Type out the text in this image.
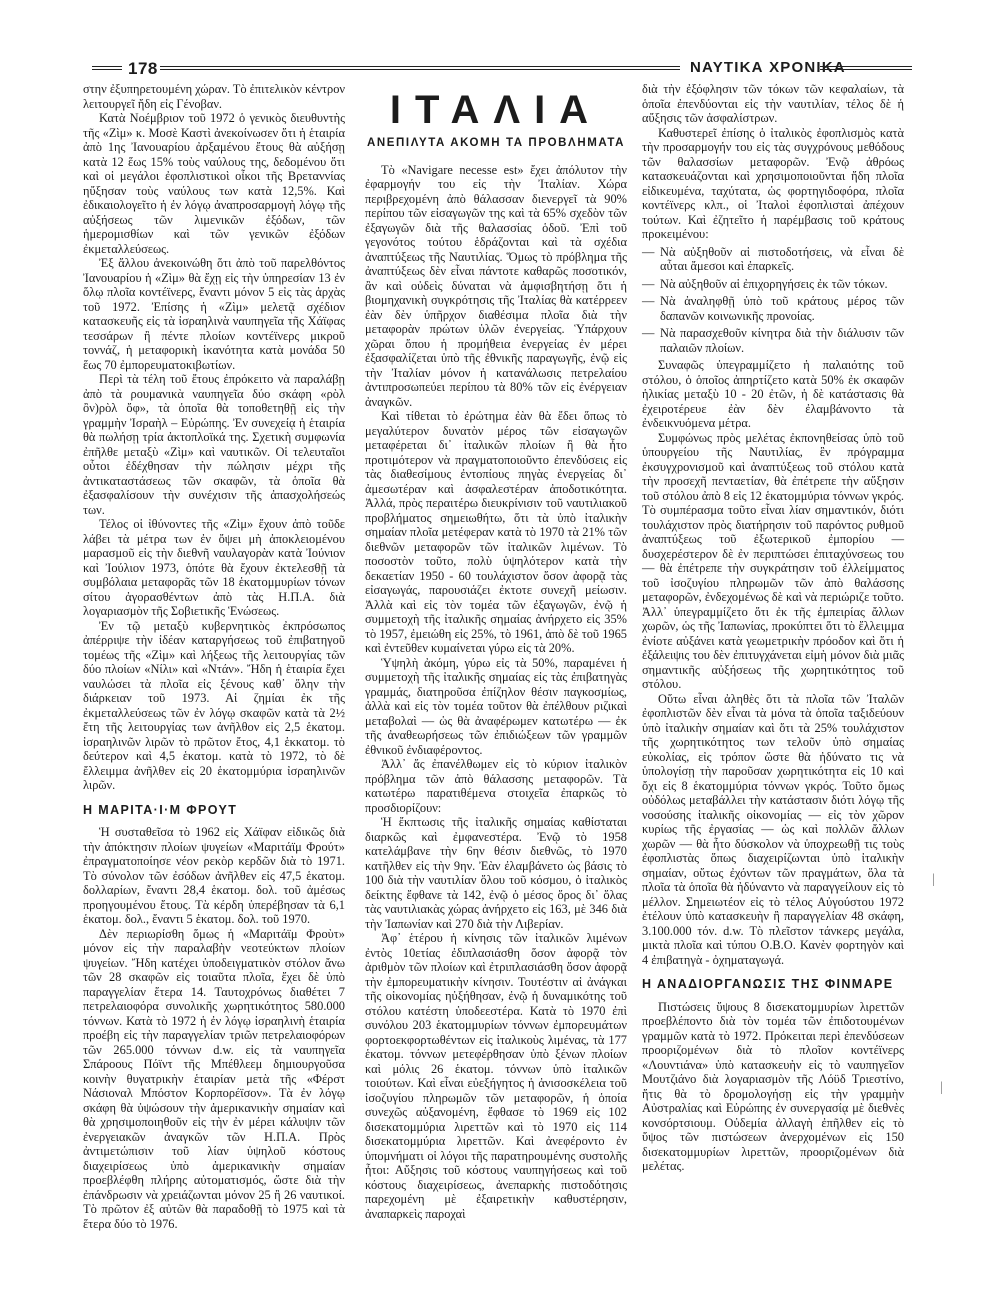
178	ΝΑΥΤΙΚΑ ΧΡΟΝΙΚΑ

στην ἐξυπηρετουμένη χώραν. Τὸ ἐπιτελικὸν κέντρον λειτουργεῖ ἤδη εἰς Γένοβαν.

Κατὰ Νοέμβριον τοῦ 1972 ὁ γενικὸς διευθυντὴς τῆς «Ζὶμ» κ. Μοσὲ Καστὶ ἀνεκοίνωσεν ὅτι ἡ ἑταιρία ἀπὸ 1ης Ἰανουαρίου ἀρξαμένου ἔτους θὰ αὐξήσῃ κατὰ 12 ἕως 15% τοὺς ναύλους της, δεδομένου ὅτι καὶ οἱ μεγάλοι ἐφοπλιστικοὶ οἶκοι τῆς Βρεταννίας ηὔξησαν τοὺς ναύλους των κατὰ 12,5%. Καὶ ἐδικαιολογεῖτο ἡ ἐν λόγῳ ἀναπροσαρμογὴ λόγῳ τῆς αὐξήσεως τῶν λιμενικῶν ἐξόδων, τῶν ἡμερομισθίων καὶ τῶν γενικῶν ἐξόδων ἐκμεταλλεύσεως.

Ἐξ ἄλλου ἀνεκοινώθη ὅτι ἀπὸ τοῦ παρελθόντος Ἰανουαρίου ἡ «Ζὶμ» θὰ ἔχῃ εἰς τὴν ὑπηρεσίαν 13 ἐν ὅλῳ πλοῖα κοντέϊνερς, ἔναντι μόνον 5 εἰς τὰς ἀρχὰς τοῦ 1972. Ἐπίσης ἡ «Ζὶμ» μελετᾷ σχέδιον κατασκευῆς εἰς τὰ ἰσραηλινὰ ναυπηγεῖα τῆς Χάϊφας τεσσάρων ἢ πέντε πλοίων κοντέϊνερς μικροῦ τοννάζ, ἡ μεταφορικὴ ἱκανότητα κατὰ μονάδα 50 ἕως 70 ἐμπορευματοκιβωτίων.

Περὶ τὰ τέλη τοῦ ἔτους ἐπρόκειτο νὰ παραλάβῃ ἀπὸ τὰ ρουμανικὰ ναυπηγεῖα δύο σκάφη «ρὸλ ὂν)ρὸλ ὄφ», τὰ ὁποῖα θὰ τοποθετηθῇ εἰς τὴν γραμμὴν Ἰσραὴλ – Εὐρώπης. Ἐν συνεχείᾳ ἡ ἑταιρία θὰ πωλήσῃ τρία ἀκτοπλοϊκά της. Σχετικὴ συμφωνία ἐπῆλθε μεταξὺ «Ζὶμ» καὶ ναυτικῶν. Οἱ τελευταῖοι οὗτοι ἐδέχθησαν τὴν πώλησιν μέχρι τῆς ἀντικαταστάσεως τῶν σκαφῶν, τὰ ὁποῖα θὰ ἐξασφαλίσουν τὴν συνέχισιν τῆς ἀπασχολήσεώς των.

Τέλος οἱ ἰθύνοντες τῆς «Ζὶμ» ἔχουν ἀπὸ τοῦδε λάβει τὰ μέτρα των ἐν ὄψει μὴ ἀποκλειομένου μαρασμοῦ εἰς τὴν διεθνῆ ναυλαγορὰν κατὰ Ἰούνιον καὶ Ἰούλιον 1973, ὁπότε θὰ ἔχουν ἐκτελεσθῇ τὰ συμβόλαια μεταφορᾶς τῶν 18 ἑκατομμυρίων τόνων σίτου ἀγορασθέντων ἀπὸ τὰς Η.Π.Α. διὰ λογαριασμὸν τῆς Σοβιετικῆς Ἑνώσεως.

Ἐν τῷ μεταξὺ κυβερνητικὸς ἐκπρόσωπος ἀπέρριψε τὴν ἰδέαν καταργήσεως τοῦ ἐπιβατηγοῦ τομέως τῆς «Ζὶμ» καὶ λήξεως τῆς λειτουργίας τῶν δύο πλοίων «Νίλι» καὶ «Ντάν». Ἤδη ἡ ἑταιρία ἔχει ναυλώσει τὰ πλοῖα εἰς ξένους καθ᾽ ὅλην τὴν διάρκειαν τοῦ 1973. Αἱ ζημίαι ἐκ τῆς ἐκμεταλλεύσεως τῶν ἐν λόγῳ σκαφῶν κατὰ τὰ 2½ ἔτη τῆς λειτουργίας των ἀνῆλθον εἰς 2,5 ἑκατομ. ἰσραηλινῶν λιρῶν τὸ πρῶτον ἔτος, 4,1 ἑκκατομ. τὸ δεύτερον καὶ 4,5 ἑκατομ. κατὰ τὸ 1972, τὸ δὲ ἔλλειμμα ἀνῆλθεν εἰς 20 ἑκατομμύρια ἰσραηλινῶν λιρῶν.

Η ΜΑΡΙΤΑ·Ι·Μ ΦΡΟΥΤ

Ἡ συσταθεῖσα τὸ 1962 εἰς Χάϊφαν εἰδικῶς διὰ τὴν ἀπόκτησιν πλοίων ψυγείων «Μαριτάϊμ Φρούτ» ἐπραγματοποίησε νέον ρεκὸρ κερδῶν διὰ τὸ 1971. Τὸ σύνολον τῶν ἐσόδων ἀνῆλθεν εἰς 47,5 ἑκατομ. δολλαρίων, ἔναντι 28,4 ἑκατομ. δολ. τοῦ ἀμέσως προηγουμένου ἔτους. Τὰ κέρδη ὑπερέβησαν τὰ 6,1 ἑκατομ. δολ., ἔναντι 5 ἑκατομ. δολ. τοῦ 1970.

Δὲν περιωρίσθη ὅμως ἡ «Μαριτάϊμ Φροὺτ» μόνον εἰς τὴν παραλαβὴν νεοτεύκτων πλοίων ψυγείων. Ἤδη κατέχει ὑποδειγματικὸν στόλον ἄνω τῶν 28 σκαφῶν εἰς τοιαῦτα πλοῖα, ἔχει δὲ ὑπὸ παραγγελίαν ἕτερα 14. Ταυτοχρόνως διαθέτει 7 πετρελαιοφόρα συνολικῆς χωρητικότητος 580.000 τόννων. Κατὰ τὸ 1972 ἡ ἐν λόγῳ ἰσραηλινὴ ἑταιρία προέβη εἰς τὴν παραγγελίαν τριῶν πετρελαιοφόρων τῶν 265.000 τόννων d.w. εἰς τὰ ναυπηγεῖα Σπάροους Πόϊντ τῆς Μπέθλεεμ δημιουργοῦσα κοινὴν θυγατρικὴν ἑταιρίαν μετὰ τῆς «Φέρστ Νάσιοναλ Μπόστον Κορπορέϊσον». Τὰ ἐν λόγῳ σκάφη θὰ ὑψώσουν τὴν ἀμερικανικὴν σημαίαν καὶ θὰ χρησιμοποιηθοῦν εἰς τὴν ἐν μέρει κάλυψιν τῶν ἐνεργειακῶν ἀναγκῶν τῶν Η.Π.Α. Πρὸς ἀντιμετώπισιν τοῦ λίαν ὑψηλοῦ κόστους διαχειρίσεως ὑπὸ ἀμερικανικὴν σημαίαν προεβλέφθη πλήρης αὐτοματισμός, ὥστε διὰ τὴν ἐπάνδρωσιν νὰ χρειάζωνται μόνον 25 ἢ 26 ναυτικοί. Τὸ πρῶτον ἐξ αὐτῶν θὰ παραδοθῇ τὸ 1975 καὶ τὰ ἕτερα δύο τὸ 1976.

ΙΤΑΛΙΑ
ΑΝΕΠΙΛΥΤΑ ΑΚΟΜΗ ΤΑ ΠΡΟΒΛΗΜΑΤΑ

Τὸ «Navigare necesse est» ἔχει ἀπόλυτον τὴν ἐφαρμογήν του εἰς τὴν Ἰταλίαν. Χώρα περιβρεχομένη ἀπὸ θάλασσαν διενεργεῖ τὰ 90% περίπου τῶν εἰσαγωγῶν της καὶ τὰ 65% σχεδὸν τῶν ἐξαγωγῶν διὰ τῆς θαλασσίας ὁδοῦ. Ἐπὶ τοῦ γεγονότος τούτου ἑδράζονται καὶ τὰ σχέδια ἀναπτύξεως τῆς Ναυτιλίας. Ὅμως τὸ πρόβλημα τῆς ἀναπτύξεως δὲν εἶναι πάντοτε καθαρῶς ποσοτικόν, ἂν καὶ οὐδεὶς δύναται νὰ ἀμφισβητήσῃ ὅτι ἡ βιομηχανικὴ συγκρότησις τῆς Ἰταλίας θὰ κατέρρεεν ἐὰν δὲν ὑπῆρχον διαθέσιμα πλοῖα διὰ τὴν μεταφορὰν πρώτων ὑλῶν ἐνεργείας. Ὑπάρχουν χῶραι ὅπου ἡ προμήθεια ἐνεργείας ἐν μέρει ἐξασφαλίζεται ὑπὸ τῆς ἐθνικῆς παραγωγῆς, ἐνῷ εἰς τὴν Ἰταλίαν μόνον ἡ κατανάλωσις πετρελαίου ἀντιπροσωπεύει περίπου τὰ 80% τῶν εἰς ἐνέργειαν ἀναγκῶν.

Καὶ τίθεται τὸ ἐρώτημα ἐὰν θὰ ἔδει ὅπως τὸ μεγαλύτερον δυνατὸν μέρος τῶν εἰσαγωγῶν μεταφέρεται δι᾽ ἰταλικῶν πλοίων ἢ θὰ ἦτο προτιμότερον νὰ πραγματοποιοῦντο ἐπενδύσεις εἰς τὰς διαθεσίμους ἐντοπίους πηγὰς ἐνεργείας δι᾽ ἀμεσωτέραν καὶ ἀσφαλεστέραν ἀποδοτικότητα. Ἀλλά, πρὸς περαιτέρω διευκρίνισιν τοῦ ναυτιλιακοῦ προβλήματος σημειωθήτω, ὅτι τὰ ὑπὸ ἰταλικὴν σημαίαν πλοῖα μετέφεραν κατὰ τὸ 1970 τὰ 21% τῶν διεθνῶν μεταφορῶν τῶν ἰταλικῶν λιμένων. Τὸ ποσοστὸν τοῦτο, πολὺ ὑψηλότερον κατὰ τὴν δεκαετίαν 1950 - 60 τουλάχιστον ὅσον ἀφορᾷ τὰς εἰσαγωγάς, παρουσιάζει ἐκτοτε συνεχῆ μείωσιν. Ἀλλὰ καὶ εἰς τὸν τομέα τῶν ἐξαγωγῶν, ἐνῷ ἡ συμμετοχὴ τῆς ἰταλικῆς σημαίας ἀνήρχετο εἰς 35% τὸ 1957, ἐμειώθη εἰς 25%, τὸ 1961, ἀπὸ δὲ τοῦ 1965 καὶ ἐντεῦθεν κυμαίνεται γύρω εἰς τὰ 20%.

Ὑψηλὴ ἀκόμη, γύρω εἰς τὰ 50%, παραμένει ἡ συμμετοχὴ τῆς ἰταλικῆς σημαίας εἰς τὰς ἐπιβατηγὰς γραμμάς, διατηροῦσα ἐπίζηλον θέσιν παγκοσμίως, ἀλλὰ καὶ εἰς τὸν τομέα τοῦτον θὰ ἐπέλθουν ριζικαὶ μεταβολαὶ — ὡς θὰ ἀναφέρωμεν κατωτέρω — ἐκ τῆς ἀναθεωρήσεως τῶν ἐπιδιώξεων τῶν γραμμῶν ἐθνικοῦ ἐνδιαφέροντος.

Ἀλλ᾽ ἄς ἐπανέλθωμεν εἰς τὸ κύριον ἰταλικὸν πρόβλημα τῶν ἀπὸ θάλασσης μεταφορῶν. Τὰ κατωτέρω παρατιθέμενα στοιχεῖα ἐπαρκῶς τὸ προσδιορίζουν:

Ἡ ἔκπτωσις τῆς ἰταλικῆς σημαίας καθίσταται διαρκῶς καὶ ἐμφανεστέρα. Ἐνῷ τὸ 1958 κατελάμβανε τὴν 6ην θέσιν διεθνῶς, τὸ 1970 κατῆλθεν εἰς τὴν 9ην. Ἐὰν ἐλαμβάνετο ὡς βάσις τὸ 100 διὰ τὴν ναυτιλίαν ὅλου τοῦ κόσμου, ὁ ἰταλικὸς δείκτης ἔφθανε τὰ 142, ἐνῷ ὁ μέσος ὅρος δι᾽ ὅλας τὰς ναυτιλιακὰς χώρας ἀνήρχετο εἰς 163, μὲ 346 διὰ τὴν Ἰαπωνίαν καὶ 270 διὰ τὴν Λιβερίαν.

Ἀφ᾽ ἑτέρου ἡ κίνησις τῶν ἰταλικῶν λιμένων ἐντὸς 10ετίας ἐδιπλασιάσθη ὅσον ἀφορᾷ τὸν ἀριθμὸν τῶν πλοίων καὶ ἐτριπλασιάσθη ὅσον ἀφορᾷ τὴν ἐμπορευματικὴν κίνησιν. Τουτέστιν αἱ ἀνάγκαι τῆς οἰκονομίας ηὐξήθησαν, ἐνῷ ἡ δυναμικότης τοῦ στόλου κατέστη ὑποδεεστέρα. Κατὰ τὸ 1970 ἐπὶ συνόλου 203 ἑκατομμυρίων τόννων ἐμπορευμάτων φορτοεκφορτωθέντων εἰς ἰταλικοὺς λιμένας, τὰ 177 ἑκατομ. τόννων μετεφέρθησαν ὑπὸ ξένων πλοίων καὶ μόλις 26 ἑκατομ. τόννων ὑπὸ ἰταλικῶν τοιούτων. Καὶ εἶναι εὐεξήγητος ἡ ἀνισοσκέλεια τοῦ ἰσοζυγίου πληρωμῶν τῶν μεταφορῶν, ἡ ὁποία συνεχῶς αὐξανομένη, ἔφθασε τὸ 1969 εἰς 102 δισεκατομμύρια λιρεττῶν καὶ τὸ 1970 εἰς 114 δισεκατομμύρια λιρεττῶν. Καὶ ἀνεφέροντο ἐν ὑπομνήματι οἱ λόγοι τῆς παρατηρουμένης συστολῆς ἦτοι: Αὔξησις τοῦ κόστους ναυπηγήσεως καὶ τοῦ κόστους διαχειρίσεως, ἀνεπαρκὴς πιστοδότησις παρεχομένη μὲ ἐξαιρετικὴν καθυστέρησιν, ἀναπαρκεὶς παροχαὶ

διὰ τὴν ἐξόφλησιν τῶν τόκων τῶν κεφαλαίων, τὰ ὁποῖα ἐπενδύονται εἰς τὴν ναυτιλίαν, τέλος δὲ ἡ αὔξησις τῶν ἀσφαλίστρων.

Καθυστερεῖ ἐπίσης ὁ ἰταλικὸς ἐφοπλισμὸς κατὰ τὴν προσαρμογήν του εἰς τὰς συγχρόνους μεθόδους τῶν θαλασσίων μεταφορῶν. Ἐνῷ ἀθρόως κατασκευάζονται καὶ χρησιμοποιοῦνται ἤδη πλοῖα εἰδικευμένα, ταχύτατα, ὡς φορτηγιδοφόρα, πλοῖα κοντέϊνερς κλπ., οἱ Ἰταλοὶ ἐφοπλισταὶ ἀπέχουν τούτων. Καὶ ἐζητεῖτο ἡ παρέμβασις τοῦ κράτους προκειμένου:

— Νὰ αὐξηθοῦν αἱ πιστοδοτήσεις, νὰ εἶναι δὲ αὗται ἄμεσοι καὶ ἐπαρκεῖς.

— Νὰ αὐξηθοῦν αἱ ἐπιχορηγήσεις ἐκ τῶν τόκων.

— Νὰ ἀναληφθῇ ὑπὸ τοῦ κράτους μέρος τῶν δαπανῶν κοινωνικῆς προνοίας.

— Νὰ παρασχεθοῦν κίνητρα διὰ τὴν διάλυσιν τῶν παλαιῶν πλοίων.

Συναφῶς ὑπεγραμμίζετο ἡ παλαιότης τοῦ στόλου, ὁ ὁποῖος ἀπηρτίζετο κατὰ 50% ἐκ σκαφῶν ἡλικίας μεταξὺ 10 - 20 ἐτῶν, ἡ δὲ κατάστασις θὰ ἐχειροτέρευε ἐὰν δὲν ἐλαμβάνοντο τὰ ἐνδεικνυόμενα μέτρα.

Συμφώνως πρὸς μελέτας ἐκπονηθείσας ὑπὸ τοῦ ὑπουργείου τῆς Ναυτιλίας, ἓν πρόγραμμα ἐκσυγχρονισμοῦ καὶ ἀναπτύξεως τοῦ στόλου κατὰ τὴν προσεχῆ πενταετίαν, θὰ ἐπέτρεπε τὴν αὔξησιν τοῦ στόλου ἀπὸ 8 εἰς 12 ἑκατομμύρια τόννων γκρός. Τὸ συμπέρασμα τοῦτο εἶναι λίαν σημαντικόν, διότι τουλάχιστον πρὸς διατήρησιν τοῦ παρόντος ρυθμοῦ ἀναπτύξεως τοῦ ἐξωτερικοῦ ἐμπορίου — δυσχερέστερον δὲ ἐν περιπτώσει ἐπιταχύνσεως του — θὰ ἐπέτρεπε τὴν συγκράτησιν τοῦ ἐλλείμματος τοῦ ἰσοζυγίου πληρωμῶν τῶν ἀπὸ θαλάσσης μεταφορῶν, ἐνδεχομένως δὲ καὶ νὰ περιώριζε τοῦτο. Ἀλλ᾽ ὑπεγραμμίζετο ὅτι ἐκ τῆς ἐμπειρίας ἄλλων χωρῶν, ὡς τῆς Ἰαπωνίας, προκύπτει ὅτι τὸ ἔλλειμμα ἐνίοτε αὐξάνει κατὰ γεωμετρικὴν πρόοδον καὶ ὅτι ἡ ἐξάλειψις του δὲν ἐπιτυγχάνεται εἰμὴ μόνον διὰ μιᾶς σημαντικῆς αὐξήσεως τῆς χωρητικότητος τοῦ στόλου.

Οὕτω εἶναι ἀληθὲς ὅτι τὰ πλοῖα τῶν Ἰταλῶν ἐφοπλιστῶν δὲν εἶναι τὰ μόνα τὰ ὁποῖα ταξιδεύουν ὑπὸ ἰταλικὴν σημαίαν καὶ ὅτι τὰ 25% τουλάχιστον τῆς χωρητικότητος των τελοῦν ὑπὸ σημαίας εὐκολίας, εἰς τρόπον ὥστε θὰ ἠδύνατο τις νὰ ὑπολογίσῃ τὴν παροῦσαν χωρητικότητα εἰς 10 καὶ ὄχι εἰς 8 ἑκατομμύρια τόννων γκρός. Τοῦτο ὅμως οὐδόλως μεταβάλλει τὴν κατάστασιν διότι λόγῳ τῆς νοσούσης ἰταλικῆς οἰκονομίας — εἰς τὸν χῶρον κυρίως τῆς ἐργασίας — ὡς καὶ πολλῶν ἄλλων χωρῶν — θὰ ἦτο δύσκολον νὰ ὑποχρεωθῇ τις τοὺς ἐφοπλιστὰς ὅπως διαχειρίζωνται ὑπὸ ἰταλικὴν σημαίαν, οὕτως ἐχόντων τῶν πραγμάτων, ὅλα τὰ πλοῖα τὰ ὁποῖα θὰ ἠδύναντο νὰ παραγγείλουν εἰς τὸ μέλλον. Σημειωτέον εἰς τὸ τέλος Αὐγούστου 1972 ἐτέλουν ὑπὸ κατασκευὴν ἢ παραγγελίαν 48 σκάφη, 3.100.000 τόν. d.w. Τὸ πλεῖστον τάνκερς μεγάλα, μικτὰ πλοῖα καὶ τύπου Ο.Β.Ο. Κανὲν φορτηγὸν καὶ 4 ἐπιβατηγὰ - ὀχηματαγωγά.

Η ΑΝΑΔΙΟΡΓΑΝΩΣΙΣ ΤΗΣ ΦΙΝΜΑΡΕ

Πιστώσεις ὕψους 8 δισεκατομμυρίων λιρεττῶν προεβλέποντο διὰ τὸν τομέα τῶν ἐπιδοτουμένων γραμμῶν κατὰ τὸ 1972. Πρόκειται περὶ ἐπενδύσεων προοριζομένων διὰ τὸ πλοῖον κοντέϊνερς «Λουντιάνα» ὑπὸ κατασκευὴν εἰς τὸ ναυπηγεῖον Μουτζιάνο διὰ λογαριασμὸν τῆς Λόϋδ Τριεστίνο, ἥτις θὰ τὸ δρομολογήσῃ εἰς τὴν γραμμὴν Αὐστραλίας καὶ Εὐρώπης ἐν συνεργασίᾳ μὲ διεθνὲς κονσόρτσιουμ. Οὐδεμία ἀλλαγὴ ἐπῆλθεν εἰς τὸ ὕψος τῶν πιστώσεων ἀνερχομένων εἰς 150 δισεκατομμυρίων λιρεττῶν, προοριζομένων διὰ μελέτας.

|
|
